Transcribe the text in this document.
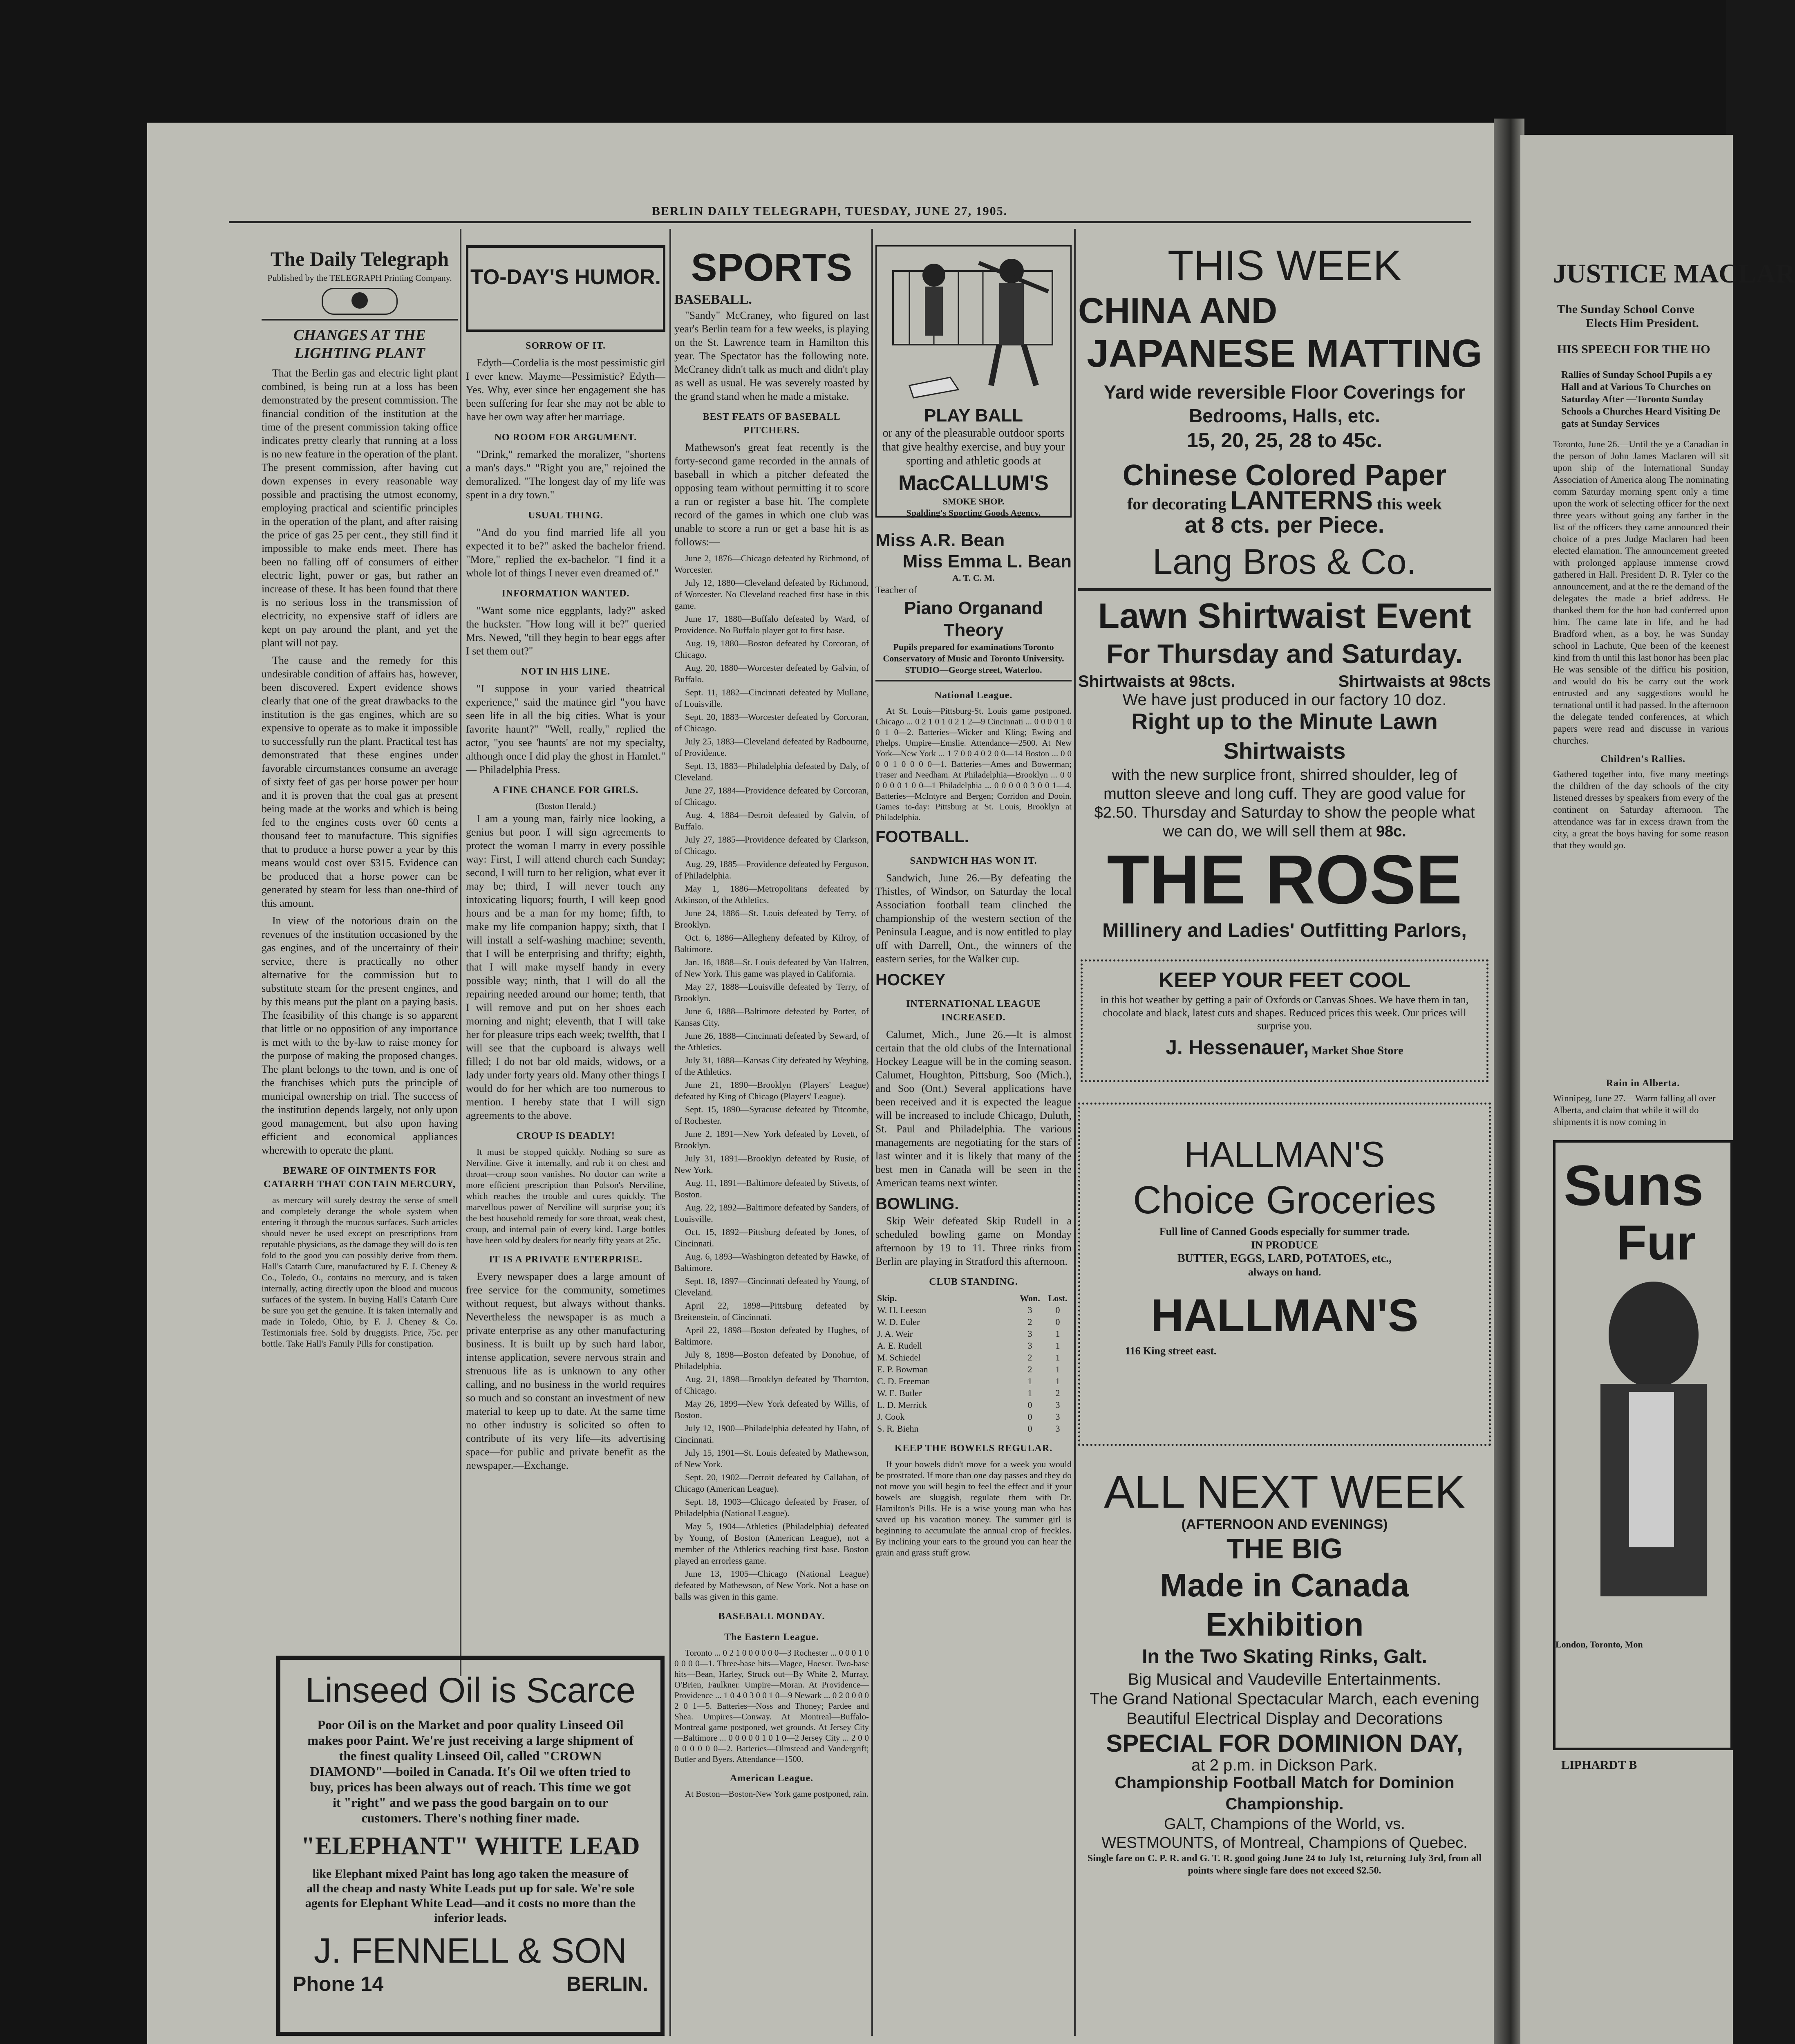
BERLIN DAILY TELEGRAPH, TUESDAY, JUNE 27, 1905.
The Daily Telegraph
Published by the TELEGRAPH Printing Company.
CHANGES AT THE LIGHTING PLANT

That the Berlin gas and electric light plant combined, is being run at a loss has been demonstrated by the present commission. The financial condition of the institution at the time of the present commission taking office indicates pretty clearly that running at a loss is no new feature in the operation of the plant. The present commission, after having cut down expenses in every reasonable way possible and practising the utmost economy, employing practical and scientific principles in the operation of the plant, and after raising the price of gas 25 per cent., they still find it impossible to make ends meet. There has been no falling off of consumers of either electric light, power or gas, but rather an increase of these. It has been found that there is no serious loss in the transmission of electricity, no expensive staff of idlers are kept on pay around the plant, and yet the plant will not pay.

The cause and the remedy for this undesirable condition of affairs has, however, been discovered. Expert evidence shows clearly that one of the great drawbacks to the institution is the gas engines, which are so expensive to operate as to make it impossible to successfully run the plant. Practical test has demonstrated that these engines under favorable circumstances consume an average of sixty feet of gas per horse power per hour and it is proven that the coal gas at present being made at the works and which is being fed to the engines costs over 60 cents a thousand feet to manufacture. This signifies that to produce a horse power a year by this means would cost over $315. Evidence can be produced that a horse power can be generated by steam for less than one-third of this amount.

In view of the notorious drain on the revenues of the institution occasioned by the gas engines, and of the uncertainty of their service, there is practically no other alternative for the commission but to substitute steam for the present engines, and by this means put the plant on a paying basis. The feasibility of this change is so apparent that little or no opposition of any importance is met with to the by-law to raise money for the purpose of making the proposed changes. The plant belongs to the town, and is one of the franchises which puts the principle of municipal ownership on trial. The success of the institution depends largely, not only upon good management, but also upon having efficient and economical appliances wherewith to operate the plant.

BEWARE OF OINTMENTS FOR CATARRH THAT CONTAIN MERCURY,

as mercury will surely destroy the sense of smell and completely derange the whole system when entering it through the mucous surfaces. Such articles should never be used except on prescriptions from reputable physicians, as the damage they will do is ten fold to the good you can possibly derive from them. Hall's Catarrh Cure, manufactured by F. J. Cheney & Co., Toledo, O., contains no mercury, and is taken internally, acting directly upon the blood and mucous surfaces of the system. In buying Hall's Catarrh Cure be sure you get the genuine. It is taken internally and made in Toledo, Ohio, by F. J. Cheney & Co. Testimonials free. Sold by druggists. Price, 75c. per bottle. Take Hall's Family Pills for constipation.

TO-DAY'S HUMOR.
SORROW OF IT.

Edyth—Cordelia is the most pessimistic girl I ever knew. Mayme—Pessimistic? Edyth—Yes. Why, ever since her engagement she has been suffering for fear she may not be able to have her own way after her marriage.

NO ROOM FOR ARGUMENT.

"Drink," remarked the moralizer, "shortens a man's days." "Right you are," rejoined the demoralized. "The longest day of my life was spent in a dry town."

USUAL THING.

"And do you find married life all you expected it to be?" asked the bachelor friend. "More," replied the ex-bachelor. "I find it a whole lot of things I never even dreamed of."

INFORMATION WANTED.

"Want some nice eggplants, lady?" asked the huckster. "How long will it be?" queried Mrs. Newed, "till they begin to bear eggs after I set them out?"

NOT IN HIS LINE.

"I suppose in your varied theatrical experience," said the matinee girl "you have seen life in all the big cities. What is your favorite haunt?" "Well, really," replied the actor, "you see 'haunts' are not my specialty, although once I did play the ghost in Hamlet." — Philadelphia Press.

A FINE CHANCE FOR GIRLS.
(Boston Herald.)

I am a young man, fairly nice looking, a genius but poor. I will sign agreements to protect the woman I marry in every possible way: First, I will attend church each Sunday; second, I will turn to her religion, what ever it may be; third, I will never touch any intoxicating liquors; fourth, I will keep good hours and be a man for my home; fifth, to make my life companion happy; sixth, that I will install a self-washing machine; seventh, that I will be enterprising and thrifty; eighth, that I will make myself handy in every possible way; ninth, that I will do all the repairing needed around our home; tenth, that I will remove and put on her shoes each morning and night; eleventh, that I will take her for pleasure trips each week; twelfth, that I will see that the cupboard is always well filled; I do not bar old maids, widows, or a lady under forty years old. Many other things I would do for her which are too numerous to mention. I hereby state that I will sign agreements to the above.

CROUP IS DEADLY!

It must be stopped quickly. Nothing so sure as Nerviline. Give it internally, and rub it on chest and throat—croup soon vanishes. No doctor can write a more efficient prescription than Polson's Nerviline, which reaches the trouble and cures quickly. The marvellous power of Nerviline will surprise you; it's the best household remedy for sore throat, weak chest, croup, and internal pain of every kind. Large bottles have been sold by dealers for nearly fifty years at 25c.

IT IS A PRIVATE ENTERPRISE.

Every newspaper does a large amount of free service for the community, sometimes without request, but always without thanks. Nevertheless the newspaper is as much a private enterprise as any other manufacturing business. It is built up by such hard labor, intense application, severe nervous strain and strenuous life as is unknown to any other calling, and no business in the world requires so much and so constant an investment of new material to keep up to date. At the same time no other industry is solicited so often to contribute of its very life—its advertising space—for public and private benefit as the newspaper.—Exchange.

SPORTS
BASEBALL.

"Sandy" McCraney, who figured on last year's Berlin team for a few weeks, is playing on the St. Lawrence team in Hamilton this year. The Spectator has the following note. McCraney didn't talk as much and didn't play as well as usual. He was severely roasted by the grand stand when he made a mistake.

BEST FEATS OF BASEBALL PITCHERS.

Mathewson's great feat recently is the forty-second game recorded in the annals of baseball in which a pitcher defeated the opposing team without permitting it to score a run or register a base hit. The complete record of the games in which one club was unable to score a run or get a base hit is as follows:—

June 2, 1876—Chicago defeated by Richmond, of Worcester.

July 12, 1880—Cleveland defeated by Richmond, of Worcester. No Cleveland reached first base in this game.

June 17, 1880—Buffalo defeated by Ward, of Providence. No Buffalo player got to first base.

Aug. 19, 1880—Boston defeated by Corcoran, of Chicago.

Aug. 20, 1880—Worcester defeated by Galvin, of Buffalo.

Sept. 11, 1882—Cincinnati defeated by Mullane, of Louisville.

Sept. 20, 1883—Worcester defeated by Corcoran, of Chicago.

July 25, 1883—Cleveland defeated by Radbourne, of Providence.

Sept. 13, 1883—Philadelphia defeated by Daly, of Cleveland.

June 27, 1884—Providence defeated by Corcoran, of Chicago.

Aug. 4, 1884—Detroit defeated by Galvin, of Buffalo.

July 27, 1885—Providence defeated by Clarkson, of Chicago.

Aug. 29, 1885—Providence defeated by Ferguson, of Philadelphia.

May 1, 1886—Metropolitans defeated by Atkinson, of the Athletics.

June 24, 1886—St. Louis defeated by Terry, of Brooklyn.

Oct. 6, 1886—Allegheny defeated by Kilroy, of Baltimore.

Jan. 16, 1888—St. Louis defeated by Van Haltren, of New York. This game was played in California.

May 27, 1888—Louisville defeated by Terry, of Brooklyn.

June 6, 1888—Baltimore defeated by Porter, of Kansas City.

June 26, 1888—Cincinnati defeated by Seward, of the Athletics.

July 31, 1888—Kansas City defeated by Weyhing, of the Athletics.

June 21, 1890—Brooklyn (Players' League) defeated by King of Chicago (Players' League).

Sept. 15, 1890—Syracuse defeated by Titcombe, of Rochester.

June 2, 1891—New York defeated by Lovett, of Brooklyn.

July 31, 1891—Brooklyn defeated by Rusie, of New York.

Aug. 11, 1891—Baltimore defeated by Stivetts, of Boston.

Aug. 22, 1892—Baltimore defeated by Sanders, of Louisville.

Oct. 15, 1892—Pittsburg defeated by Jones, of Cincinnati.

Aug. 6, 1893—Washington defeated by Hawke, of Baltimore.

Sept. 18, 1897—Cincinnati defeated by Young, of Cleveland.

April 22, 1898—Pittsburg defeated by Breitenstein, of Cincinnati.

April 22, 1898—Boston defeated by Hughes, of Baltimore.

July 8, 1898—Boston defeated by Donohue, of Philadelphia.

Aug. 21, 1898—Brooklyn defeated by Thornton, of Chicago.

May 26, 1899—New York defeated by Willis, of Boston.

July 12, 1900—Philadelphia defeated by Hahn, of Cincinnati.

July 15, 1901—St. Louis defeated by Mathewson, of New York.

Sept. 20, 1902—Detroit defeated by Callahan, of Chicago (American League).

Sept. 18, 1903—Chicago defeated by Fraser, of Philadelphia (National League).

May 5, 1904—Athletics (Philadelphia) defeated by Young, of Boston (American League), not a member of the Athletics reaching first base. Boston played an errorless game.

June 13, 1905—Chicago (National League) defeated by Mathewson, of New York. Not a base on balls was given in this game.

BASEBALL MONDAY.
The Eastern League.

Toronto ... 0 2 1 0 0 0 0 0 0—3 Rochester ... 0 0 0 1 0 0 0 0 0—1. Three-base hits—Magee, Hoeser. Two-base hits—Bean, Harley, Struck out—By White 2, Murray, O'Brien, Faulkner. Umpire—Moran. At Providence—Providence ... 1 0 4 0 3 0 0 1 0—9 Newark ... 0 2 0 0 0 0 2 0 1—5. Batteries—Noss and Thoney; Pardee and Shea. Umpires—Conway. At Montreal—Buffalo-Montreal game postponed, wet grounds. At Jersey City—Baltimore ... 0 0 0 0 0 1 0 1 0—2 Jersey City ... 2 0 0 0 0 0 0 0 0—2. Batteries—Olmstead and Vandergrift; Butler and Byers. Attendance—1500.

American League.

At Boston—Boston-New York game postponed, rain.

PLAY BALL
or any of the pleasurable outdoor sports that give healthy exercise, and buy your sporting and athletic goods at
MacCALLUM'S
SMOKE SHOP.
Spalding's Sporting Goods Agency.
Miss A.R. Bean
Miss Emma L. Bean
A. T. C. M.
Teacher of
Piano Organand Theory
Pupils prepared for examinations Toronto Conservatory of Music and Toronto University.
STUDIO—George street, Waterloo.
National League.

At St. Louis—Pittsburg-St. Louis game postponed. Chicago ... 0 2 1 0 1 0 2 1 2—9 Cincinnati ... 0 0 0 0 1 0 0 1 0—2. Batteries—Wicker and Kling; Ewing and Phelps. Umpire—Emslie. Attendance—2500. At New York—New York ... 1 7 0 0 4 0 2 0 0—14 Boston ... 0 0 0 0 1 0 0 0 0—1. Batteries—Ames and Bowerman; Fraser and Needham. At Philadelphia—Brooklyn ... 0 0 0 0 0 0 1 0 0—1 Philadelphia ... 0 0 0 0 0 3 0 0 1—4. Batteries—McIntyre and Bergen; Corridon and Dooin. Games to-day: Pittsburg at St. Louis, Brooklyn at Philadelphia.

FOOTBALL.
SANDWICH HAS WON IT.

Sandwich, June 26.—By defeating the Thistles, of Windsor, on Saturday the local Association football team clinched the championship of the western section of the Peninsula League, and is now entitled to play off with Darrell, Ont., the winners of the eastern series, for the Walker cup.

HOCKEY
INTERNATIONAL LEAGUE INCREASED.

Calumet, Mich., June 26.—It is almost certain that the old clubs of the International Hockey League will be in the coming season. Calumet, Houghton, Pittsburg, Soo (Mich.), and Soo (Ont.) Several applications have been received and it is expected the league will be increased to include Chicago, Duluth, St. Paul and Philadelphia. The various managements are negotiating for the stars of last winter and it is likely that many of the best men in Canada will be seen in the American teams next winter.

BOWLING.

Skip Weir defeated Skip Rudell in a scheduled bowling game on Monday afternoon by 19 to 11. Three rinks from Berlin are playing in Stratford this afternoon.

CLUB STANDING.
Skip.	Won.	Lost.
W. H. Leeson	3	0
W. D. Euler	2	0
J. A. Weir	3	1
A. E. Rudell	3	1
M. Schiedel	2	1
E. P. Bowman	2	1
C. D. Freeman	1	1
W. E. Butler	1	2
L. D. Merrick	0	3
J. Cook	0	3
S. R. Biehn	0	3
KEEP THE BOWELS REGULAR.

If your bowels didn't move for a week you would be prostrated. If more than one day passes and they do not move you will begin to feel the effect and if your bowels are sluggish, regulate them with Dr. Hamilton's Pills. He is a wise young man who has saved up his vacation money. The summer girl is beginning to accumulate the annual crop of freckles. By inclining your ears to the ground you can hear the grain and grass stuff grow.

THIS WEEK
CHINA AND
JAPANESE MATTING
Yard wide reversible Floor Coverings for Bedrooms, Halls, etc.
15, 20, 25, 28 to 45c.
Chinese Colored Paper
for decorating LANTERNS this week
at 8 cts. per Piece.
Lang Bros & Co.
Lawn Shirtwaist Event
For Thursday and Saturday.
Shirtwaists at 98cts.	Shirtwaists at 98cts
We have just produced in our factory 10 doz.
Right up to the Minute Lawn Shirtwaists
with the new surplice front, shirred shoulder, leg of mutton sleeve and long cuff. They are good value for $2.50. Thursday and Saturday to show the people what we can do, we will sell them at 98c.
THE ROSE
Millinery and Ladies' Outfitting Parlors,
KEEP YOUR FEET COOL
in this hot weather by getting a pair of Oxfords or Canvas Shoes. We have them in tan, chocolate and black, latest cuts and shapes. Reduced prices this week. Our prices will surprise you.
J. Hessenauer, Market Shoe Store
HALLMAN'S
Choice Groceries
Full line of Canned Goods especially for summer trade.
IN PRODUCE
BUTTER, EGGS, LARD, POTATOES, etc.,
always on hand.
HALLMAN'S
116 King street east.
ALL NEXT WEEK
(AFTERNOON AND EVENINGS)
THE BIG
Made in Canada Exhibition
In the Two Skating Rinks, Galt.
Big Musical and Vaudeville Entertainments.
The Grand National Spectacular March, each evening
Beautiful Electrical Display and Decorations
SPECIAL FOR DOMINION DAY,
at 2 p.m. in Dickson Park.
Championship Football Match for Dominion Championship.
GALT, Champions of the World, vs.
WESTMOUNTS, of Montreal, Champions of Quebec.
Single fare on C. P. R. and G. T. R. good going June 24 to July 1st, returning July 3rd, from all points where single fare does not exceed $2.50.
Linseed Oil is Scarce
Poor Oil is on the Market and poor quality Linseed Oil makes poor Paint. We're just receiving a large shipment of the finest quality Linseed Oil, called "CROWN DIAMOND"—boiled in Canada. It's Oil we often tried to buy, prices has been always out of reach. This time we got it "right" and we pass the good bargain on to our customers. There's nothing finer made.
"ELEPHANT" WHITE LEAD
like Elephant mixed Paint has long ago taken the measure of all the cheap and nasty White Leads put up for sale. We're sole agents for Elephant White Lead—and it costs no more than the inferior leads.
J. FENNELL & SON
Phone 14	BERLIN.
JUSTICE MACLAR
The Sunday School Conve
Elects Him President.
HIS SPEECH FOR THE HO
Rallies of Sunday School Pupils a ey Hall and at Various To Churches on Saturday After —Toronto Sunday Schools a Churches Heard Visiting De gats at Sunday Services
Toronto, June 26.—Until the ye a Canadian in the person of John James Maclaren will sit upon ship of the International Sunday Association of America along The nominating comm Saturday morning spent only a time upon the work of selecting officer for the next three years without going any farther in the list of the officers they came announced their choice of a pres Judge Maclaren had been elected elamation. The announcement greeted with prolonged applause immense crowd gathered in Hall. President D. R. Tyler co the announcement, and at the re the demand of the delegates the made a brief address. He thanked them for the hon had conferred upon him. The came late in life, and he had Bradford when, as a boy, he was Sunday school in Lachute, Que been of the keenest kind from th until this last honor has been plac He was sensible of the difficu his position, and would do his be carry out the work entrusted and any suggestions would be ternational until it had passed. In the afternoon the delegate tended conferences, at which papers were read and discusse in various churches.
Children's Rallies.
Gathered together into, five many meetings the children of the day schools of the city listened dresses by speakers from every of the continent on Saturday afternoon. The attendance was far in excess drawn from the city, a great the boys having for some reason that they would go.
Rain in Alberta.
Winnipeg, June 27.—Warm falling all over Alberta, and claim that while it will do shipments it is now coming in
Suns
Fur
London, Toronto, Mon
LIPHARDT B
